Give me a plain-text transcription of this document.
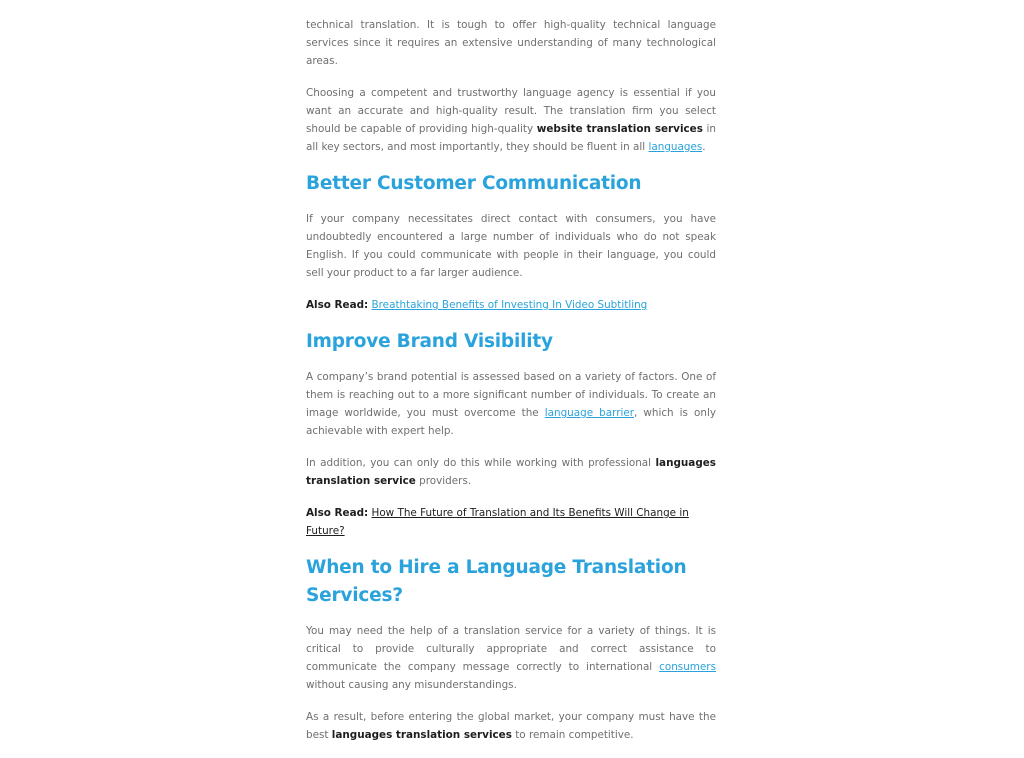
technical translation. It is tough to offer high-quality technical language services since it requires an extensive understanding of many technological areas.

Choosing a competent and trustworthy language agency is essential if you want an accurate and high-quality result. The translation firm you select should be capable of providing high-quality website translation services in all key sectors, and most importantly, they should be fluent in all languages.

Better Customer Communication

If your company necessitates direct contact with consumers, you have undoubtedly encountered a large number of individuals who do not speak English. If you could communicate with people in their language, you could sell your product to a far larger audience.

Also Read: Breathtaking Benefits of Investing In Video Subtitling

Improve Brand Visibility

A company’s brand potential is assessed based on a variety of factors. One of them is reaching out to a more significant number of individuals. To create an image worldwide, you must overcome the language barrier, which is only achievable with expert help.

In addition, you can only do this while working with professional languages translation service providers.

Also Read: How The Future of Translation and Its Benefits Will Change in Future?

When to Hire a Language Translation Services?

You may need the help of a translation service for a variety of things. It is critical to provide culturally appropriate and correct assistance to communicate the company message correctly to international consumers without causing any misunderstandings.

As a result, before entering the global market, your company must have the best languages translation services to remain competitive.
